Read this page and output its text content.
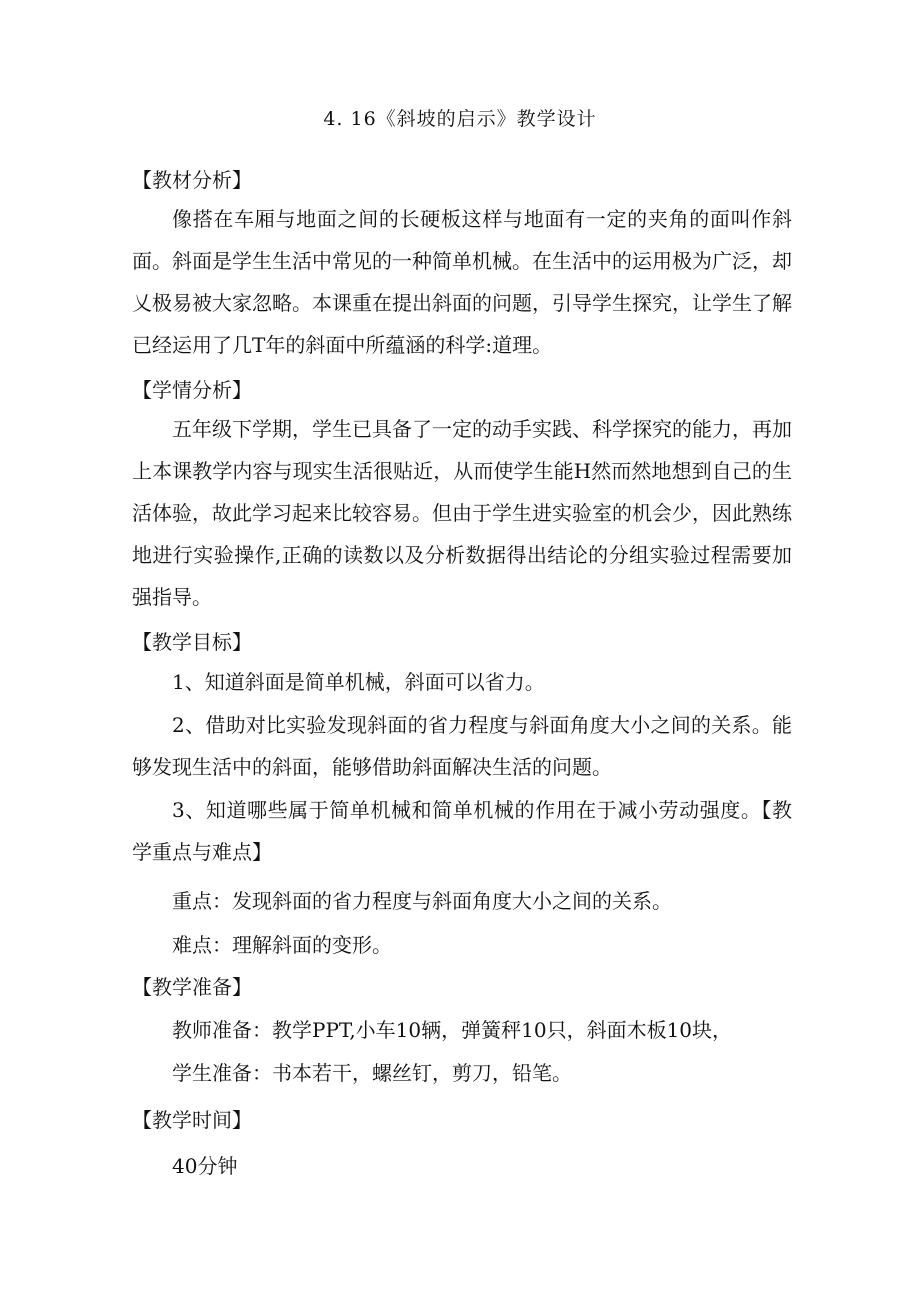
4. 16《斜坡的启示》教学设计
【教材分析】

像搭在车厢与地面之间的长硬板这样与地面有一定的夹角的面叫作斜面。斜面是学生生活中常见的一种简单机械。在生活中的运用极为广泛，却乂极易被大家忽略。本课重在提出斜面的问题，引导学生探究，让学生了解已经运用了几T年的斜面中所蕴涵的科学:道理。

【学情分析】

五年级下学期，学生已具备了一定的动手实践、科学探究的能力，再加上本课教学内容与现实生活很贴近，从而使学生能H然而然地想到自己的生活体验，故此学习起来比较容易。但由于学生进实验室的机会少，因此熟练地进行实验操作,正确的读数以及分析数据得出结论的分组实验过程需要加强指导。

【教学目标】

1、知道斜面是简单机械，斜面可以省力。

2、借助对比实验发现斜面的省力程度与斜面角度大小之间的关系。能够发现生活中的斜面，能够借助斜面解决生活的问题。

3、知道哪些属于简单机械和简单机械的作用在于减小劳动强度。【教学重点与难点】

重点：发现斜面的省力程度与斜面角度大小之间的关系。
难点：理解斜面的变形。
【教学准备】
教师准备：教学PPT,小车10辆，弹簧秤10只，斜面木板10块，
学生准备：书本若干，螺丝钉，剪刀，铅笔。
【教学时间】
40分钟
